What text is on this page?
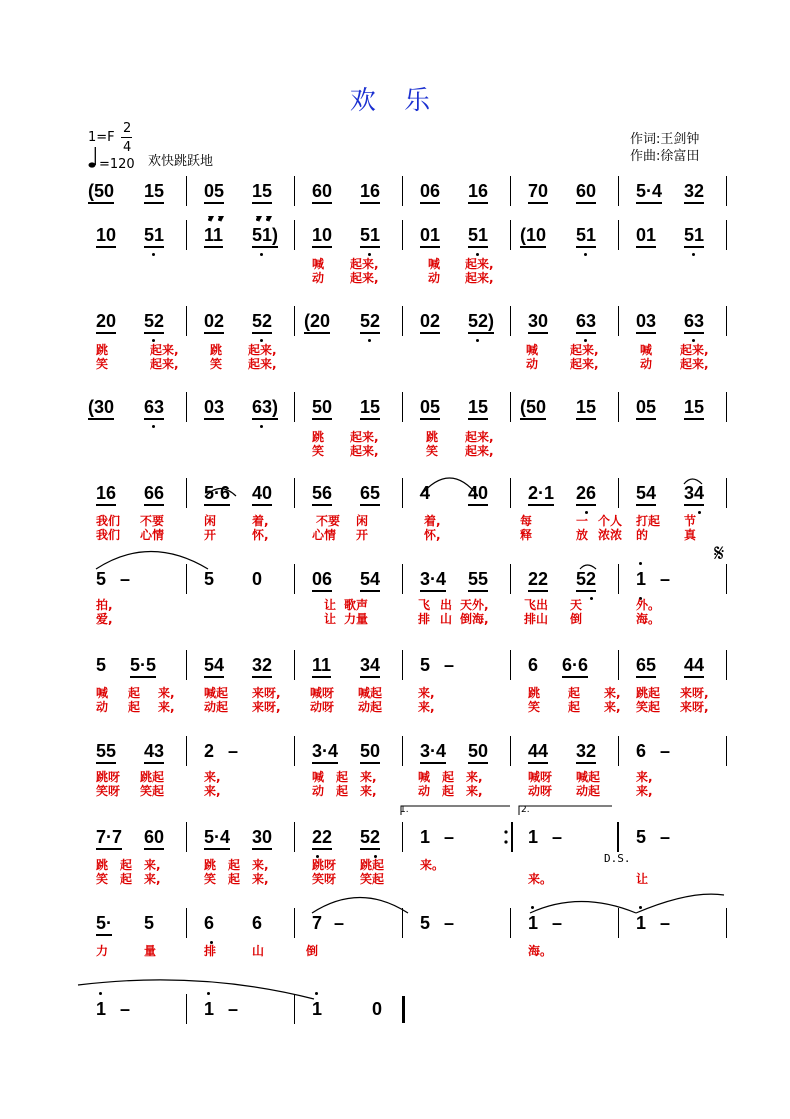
欢 乐
1=F
2
4
=120 欢快跳跃地
作词:王剑钟
作曲:徐富田
(50 15 05 15 60 16 06 16 70 60 5·4 32
10 51 11 51) 10 51 01 51 (10 51 01 51
20 52 02 52 (20 52 02 52) 30 63 03 63
(30 63 03 63) 50 15 05 15 (50 15 05 15
16 66 5·6 40 56 65 4 40 2·1 26 54 34
5 –	5 0	06 54 3·4 55 22 52 1 –
5 5·5	54 32 11 34 5 –	6 6·6	65 44
55 43 2 –	3·4 50 3·4 50 44 32 6 –
7·7 60 5·4 30 22 52 1 –	1 –	5 –
5· 5	6 6	7 –	5 –	1 –	1 –
1 –	1 –	1	0
喊 起来,	喊 起来,
动 起来,	动 起来,
跳	起来,	跳 起来,	喊	起来,	喊 起来,
笑	起来,	笑 起来,	动	起来,	动 起来,
跳 起来,	跳 起来,
笑 起来,	笑 起来,
我们 不要	闲	着,	不要 闲	着,	每	一 个人 打起 节
我们 心情	开	怀,	心情 开	怀,	释	放 浓浓 的	真
拍,	让 歌声	飞 出 天外,	飞出 天	外。
爱,	让 力量	排 山 倒海,	排山 倒	海。
喊 起 来, 喊起 来呀, 喊呀 喊起	来,	跳 起 来, 跳起 来呀,
动 起 来, 动起 来呀, 动呀 动起	来,	笑 起 来, 笑起 来呀,
跳呀 跳起	来,	喊 起 来,	喊 起 来,	喊呀 喊起	来,
笑呀 笑起	来,	动 起 来,	动 起 来,	动呀 动起	来,
跳 起 来,	跳 起 来,	跳呀 跳起	来。
笑 起 来,	笑 起 来,	笑呀 笑起	来。	让
力	量	排	山	倒	海。
1.	2.
D.S.
𝄋
